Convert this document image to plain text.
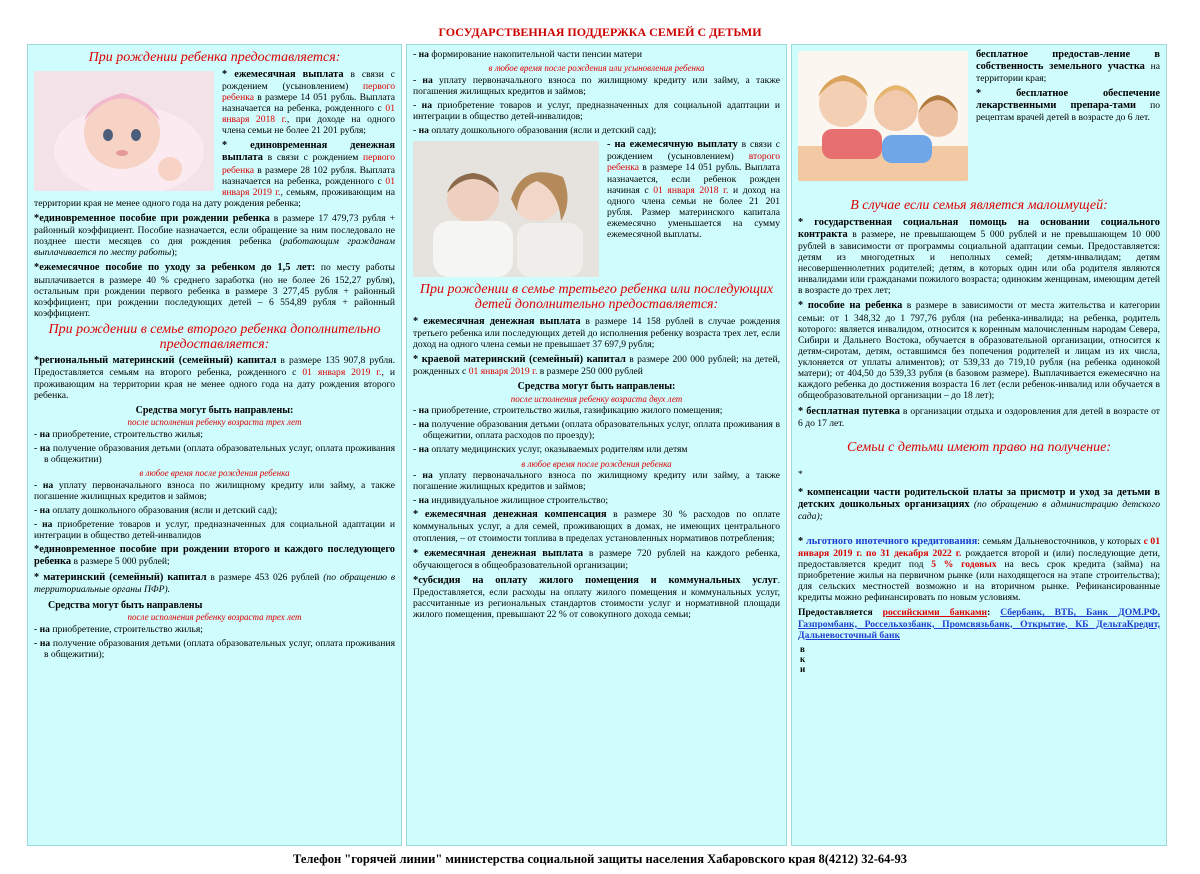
ГОСУДАРСТВЕННАЯ ПОДДЕРЖКА СЕМЕЙ С ДЕТЬМИ
При рождении ребенка предоставляется:

* ежемесячная выплата в связи с рождением (усыновлением) первого ребенка в размере 14 051 рубль. Выплата назначается на ребенка, рожденного с 01 января 2018 г., при доходе на одного члена семьи не более 21 201 рубля;

* единовременная денежная выплата в связи с рождением первого ребенка в размере 28 102 рубля. Выплата назначается на ребенка, рожденного с 01 января 2019 г., семьям, проживающим на территории края не менее одного года на дату рождения ребенка;

*единовременное пособие при рождении ребенка в размере 17 479,73 рубля + районный коэффициент. Пособие назначается, если обращение за ним последовало не позднее шести месяцев со дня рождения ребенка (работающим гражданам выплачивается по месту работы);

*ежемесячное пособие по уходу за ребенком до 1,5 лет: по месту работы выплачивается в размере 40 % среднего заработка (но не более 26 152,27 рубля), остальным при рождении первого ребенка в размере 3 277,45 рубля + районный коэффициент, при рождении последующих детей – 6 554,89 рубля + районный коэффициент.

При рождении в семье второго ребенка дополнительно предоставляется:

*региональный материнский (семейный) капитал в размере 135 907,8 рубля. Предоставляется семьям на второго ребенка, рожденного с 01 января 2019 г., и проживающим на территории края не менее одного года на дату рождения второго ребенка.

Средства могут быть направлены:
после исполнения ребенку возраста трех лет
- на приобретение, строительство жилья;
- на получение образования детьми (оплата образовательных услуг, оплата проживания в общежитии)
в любое время после рождения ребенка
- на уплату первоначального взноса по жилищному кредиту или займу, а также погашение жилищных кредитов и займов;
- на оплату дошкольного образования (ясли и детский сад);
- на приобретение товаров и услуг, предназначенных для социальной адаптации и интеграции в общество детей-инвалидов

*единовременное пособие при рождении второго и каждого последующего ребенка в размере 5 000 рублей;

* материнский (семейный) капитал в размере 453 026 рублей (по обращению в территориальные органы ПФР).

Средства могут быть направлены
после исполнения ребенку возраста трех лет
- на приобретение, строительство жилья;
- на получение образования детьми (оплата образовательных услуг, оплата проживания в общежитии);
- на формирование накопительной части пенсии матери
в любое время после рождения или усыновления ребенка
- на уплату первоначального взноса по жилищному кредиту или займу, а также погашения жилищных кредитов и займов;
- на приобретение товаров и услуг, предназначенных для социальной адаптации и интеграции в общество детей-инвалидов;
- на оплату дошкольного образования (ясли и детский сад);

- на ежемесячную выплату в связи с рождением (усыновлением) второго ребенка в размере 14 051 рубль. Выплата назначается, если ребенок рожден начиная с 01 января 2018 г. и доход на одного члена семьи не более 21 201 рубля. Размер материнского капитала ежемесячно уменьшается на сумму ежемесячной выплаты.

При рождении в семье третьего ребенка или последующих детей дополнительно предоставляется:

* ежемесячная денежная выплата в размере 14 158 рублей в случае рождения третьего ребенка или последующих детей до исполнения ребенку возраста трех лет, если доход на одного члена семьи не превышает 37 697,9 рубля;

* краевой материнский (семейный) капитал в размере 200 000 рублей; на детей, рожденных с 01 января 2019 г. в размере 250 000 рублей

Средства могут быть направлены:
после исполнения ребенку возраста двух лет
- на приобретение, строительство жилья, газификацию жилого помещения;
- на получение образования детьми (оплата образовательных услуг, оплата проживания в общежитии, оплата расходов по проезду);
- на оплату медицинских услуг, оказываемых родителям или детям
в любое время после рождения ребенка
- на уплату первоначального взноса по жилищному кредиту или займу, а также погашение жилищных кредитов и займов;
- на индивидуальное жилищное строительство;

* ежемесячная денежная компенсация в размере 30 % расходов по оплате коммунальных услуг, а для семей, проживающих в домах, не имеющих центрального отопления, – от стоимости топлива в пределах установленных нормативов потребления;

* ежемесячная денежная выплата в размере 720 рублей на каждого ребенка, обучающегося в общеобразовательной организации;

*субсидия на оплату жилого помещения и коммунальных услуг. Предоставляется, если расходы на оплату жилого помещения и коммунальных услуг, рассчитанные из региональных стандартов стоимости услуг и нормативной площади жилого помещения, превышают 22 % от совокупного дохода семьи;

бесплатное предостав-ление в собственность земельного участка на территории края;

* бесплатное обеспечение лекарственными препара-тами по рецептам врачей детей в возрасте до 6 лет.

В случае если семья является малоимущей:

* государственная социальная помощь на основании социального контракта в размере, не превышающем 5 000 рублей и не превышающем 10 000 рублей в зависимости от программы социальной адаптации семьи. Предоставляется: детям из многодетных и неполных семей; детям-инвалидам; детям несовершеннолетних родителей; детям, в которых один или оба родителя являются инвалидами или гражданами пожилого возраста; одиноким женщинам, имеющим детей в возрасте до трех лет;

* пособие на ребенка в размере в зависимости от места жительства и категории семьи: от 1 348,32 до 1 797,76 рубля (на ребенка-инвалида; на ребенка, родитель которого: является инвалидом, относится к коренным малочисленным народам Севера, Сибири и Дальнего Востока, обучается в образовательной организации, относится к детям-сиротам, детям, оставшимся без попечения родителей и лицам из их числа, уклоняется от уплаты алиментов); от 539,33 до 719,10 рубля (на ребенка одинокой матери); от 404,50 до 539,33 рубля (в базовом размере). Выплачивается ежемесячно на каждого ребенка до достижения возраста 16 лет (если ребенок-инвалид или обучается в общеобразовательной организации – до 18 лет);

* бесплатная путевка в организации отдыха и оздоровления для детей в возрасте от 6 до 17 лет.

Семьи с детьми имеют право на получение:

*

* компенсации части родительской платы за присмотр и уход за детьми в детских дошкольных организациях (по обращению в администрацию детского сада);

* льготного ипотечного кредитования: семьям Дальневосточников, у которых с 01 января 2019 г. по 31 декабря 2022 г. рождается второй и (или) последующие дети, предоставляется кредит под 5 % годовых на весь срок кредита (займа) на приобретение жилья на первичном рынке (или находящегося на этапе строительства); для сельских местностей возможно и на вторичном рынке. Рефинансированные кредиты можно рефинансировать по новым условиям.

Предоставляется российскими банками: Сбербанк, ВТБ, Банк ДОМ.РФ, Газпромбанк, Россельхозбанк, Промсвязьбанк, Открытие, КБ ДельтаКредит, Дальневосточный банк

в
к
и
Телефон "горячей линии" министерства социальной защиты населения Хабаровского края 8(4212) 32-64-93
